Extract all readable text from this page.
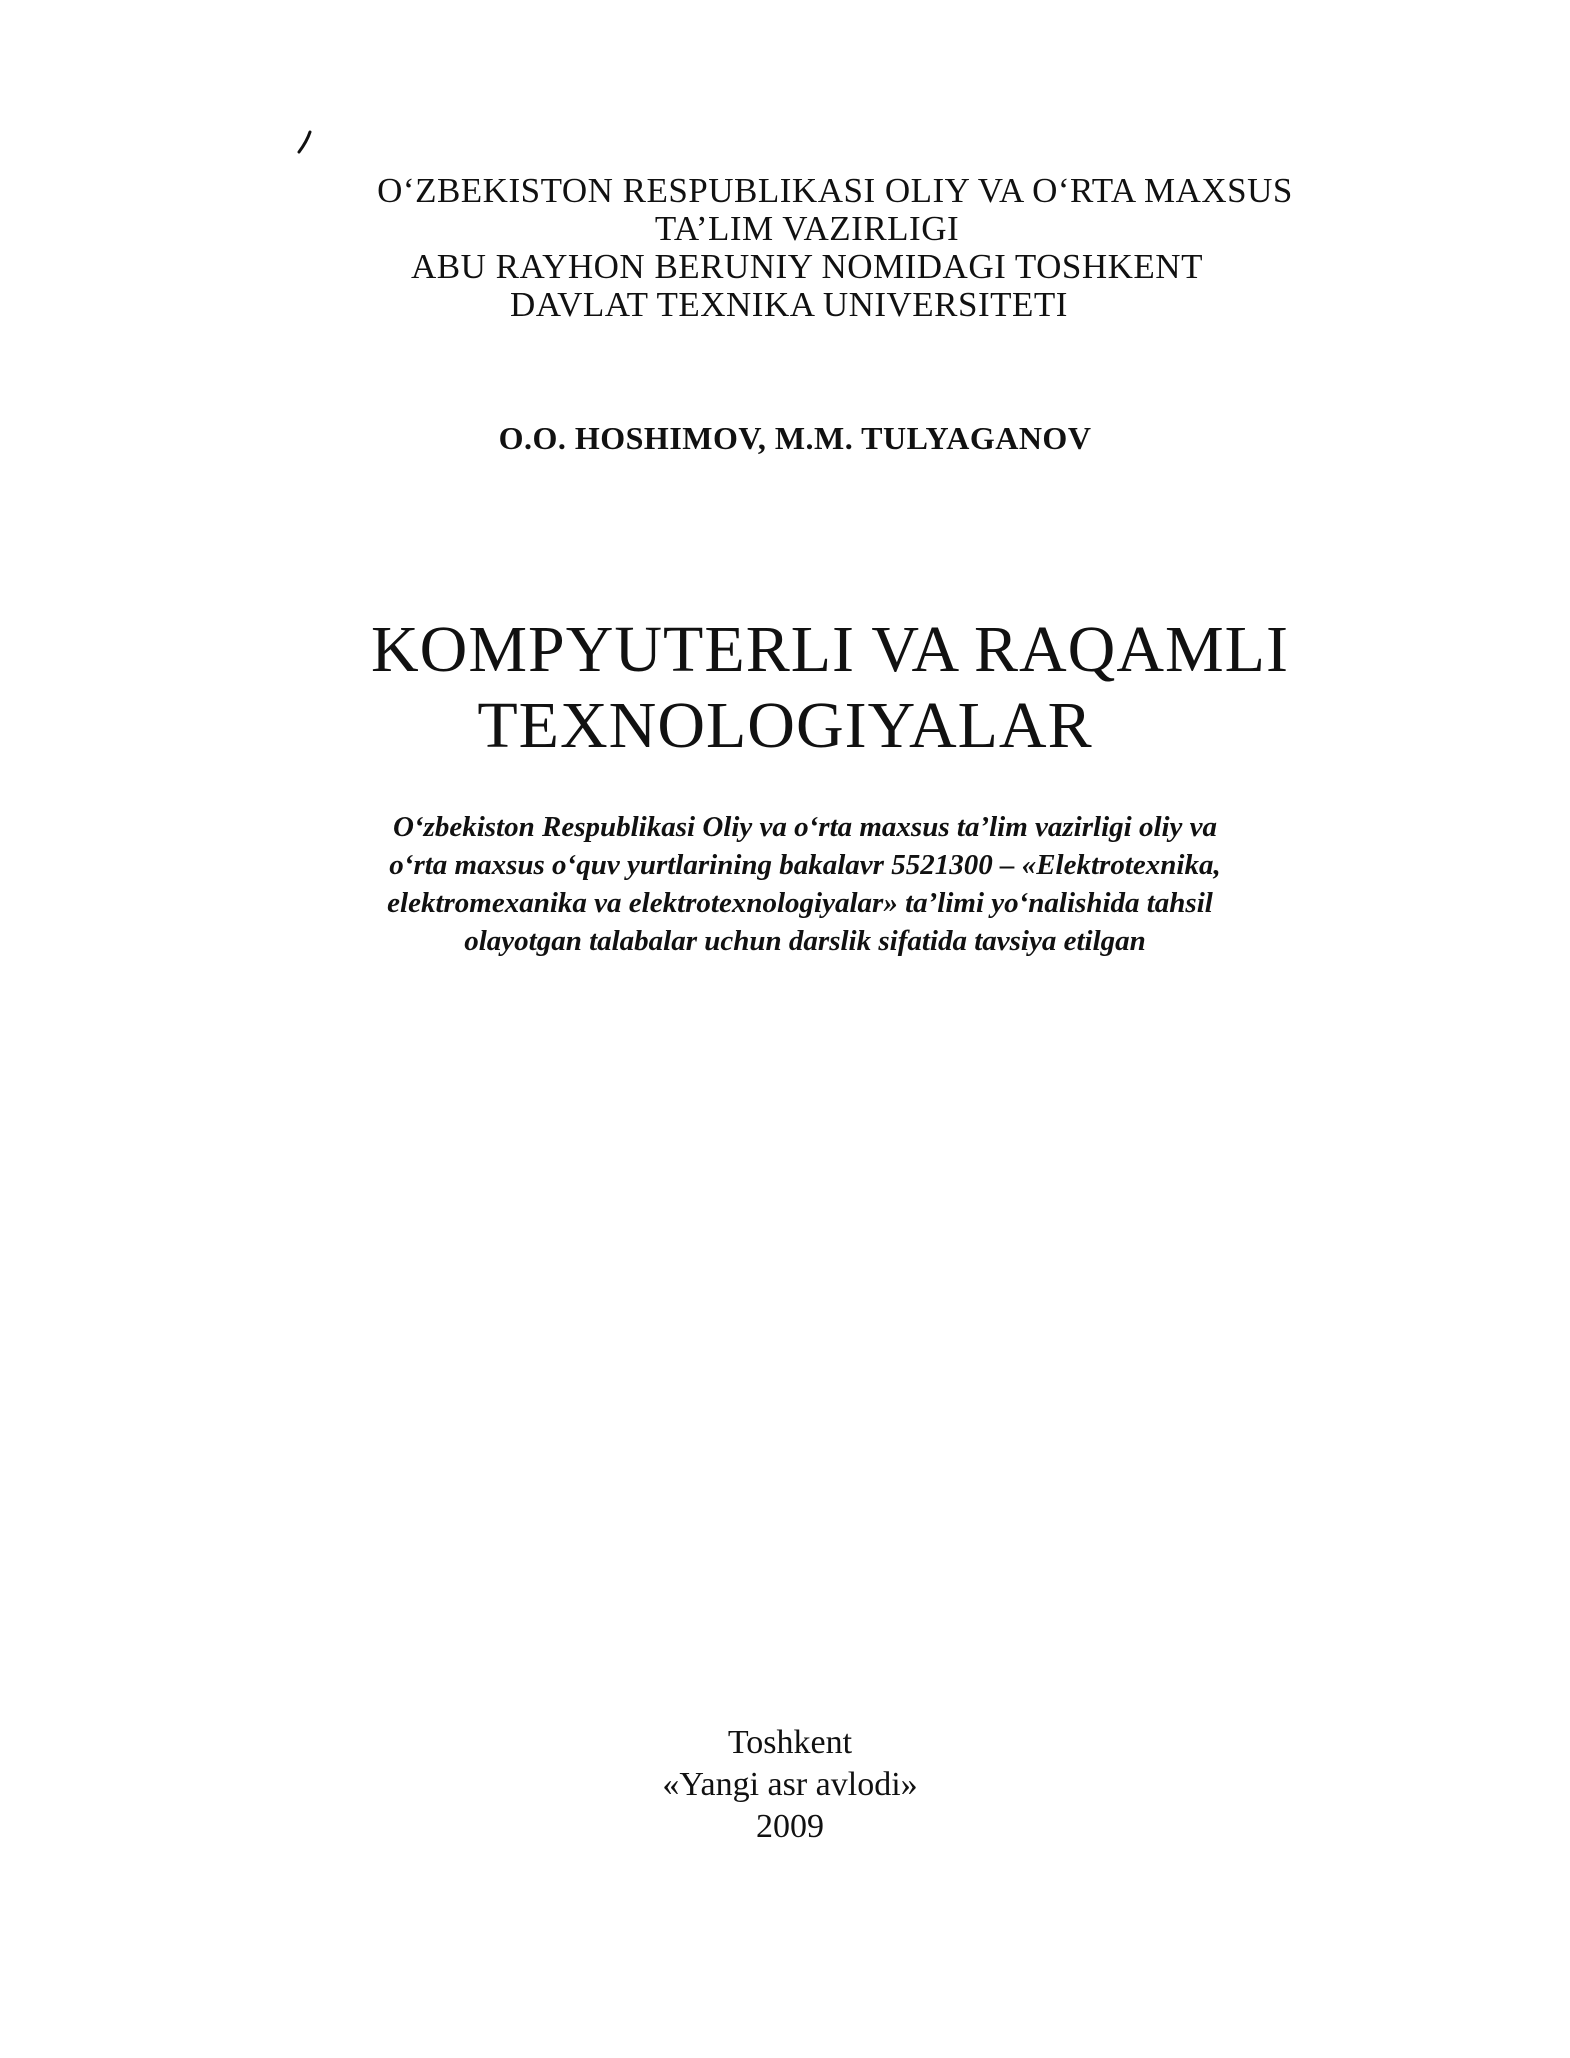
O‘ZBEKISTON RESPUBLIKASI OLIY VA O‘RTA MAXSUS
TA’LIM VAZIRLIGI
ABU RAYHON BERUNIY NOMIDAGI TOSHKENT
DAVLAT TEXNIKA UNIVERSITETI
O.O. HOSHIMOV, M.M. TULYAGANOV
KOMPYUTERLI VA RAQAMLI
TEXNOLOGIYALAR
O‘zbekiston Respublikasi Oliy va o‘rta maxsus ta’lim vazirligi oliy va
o‘rta maxsus o‘quv yurtlarining bakalavr 5521300 – «Elektrotexnika,
elektromexanika va elektrotexnologiyalar» ta’limi yo‘nalishida tahsil
olayotgan talabalar uchun darslik sifatida tavsiya etilgan
Toshkent
«Yangi asr avlodi»
2009
